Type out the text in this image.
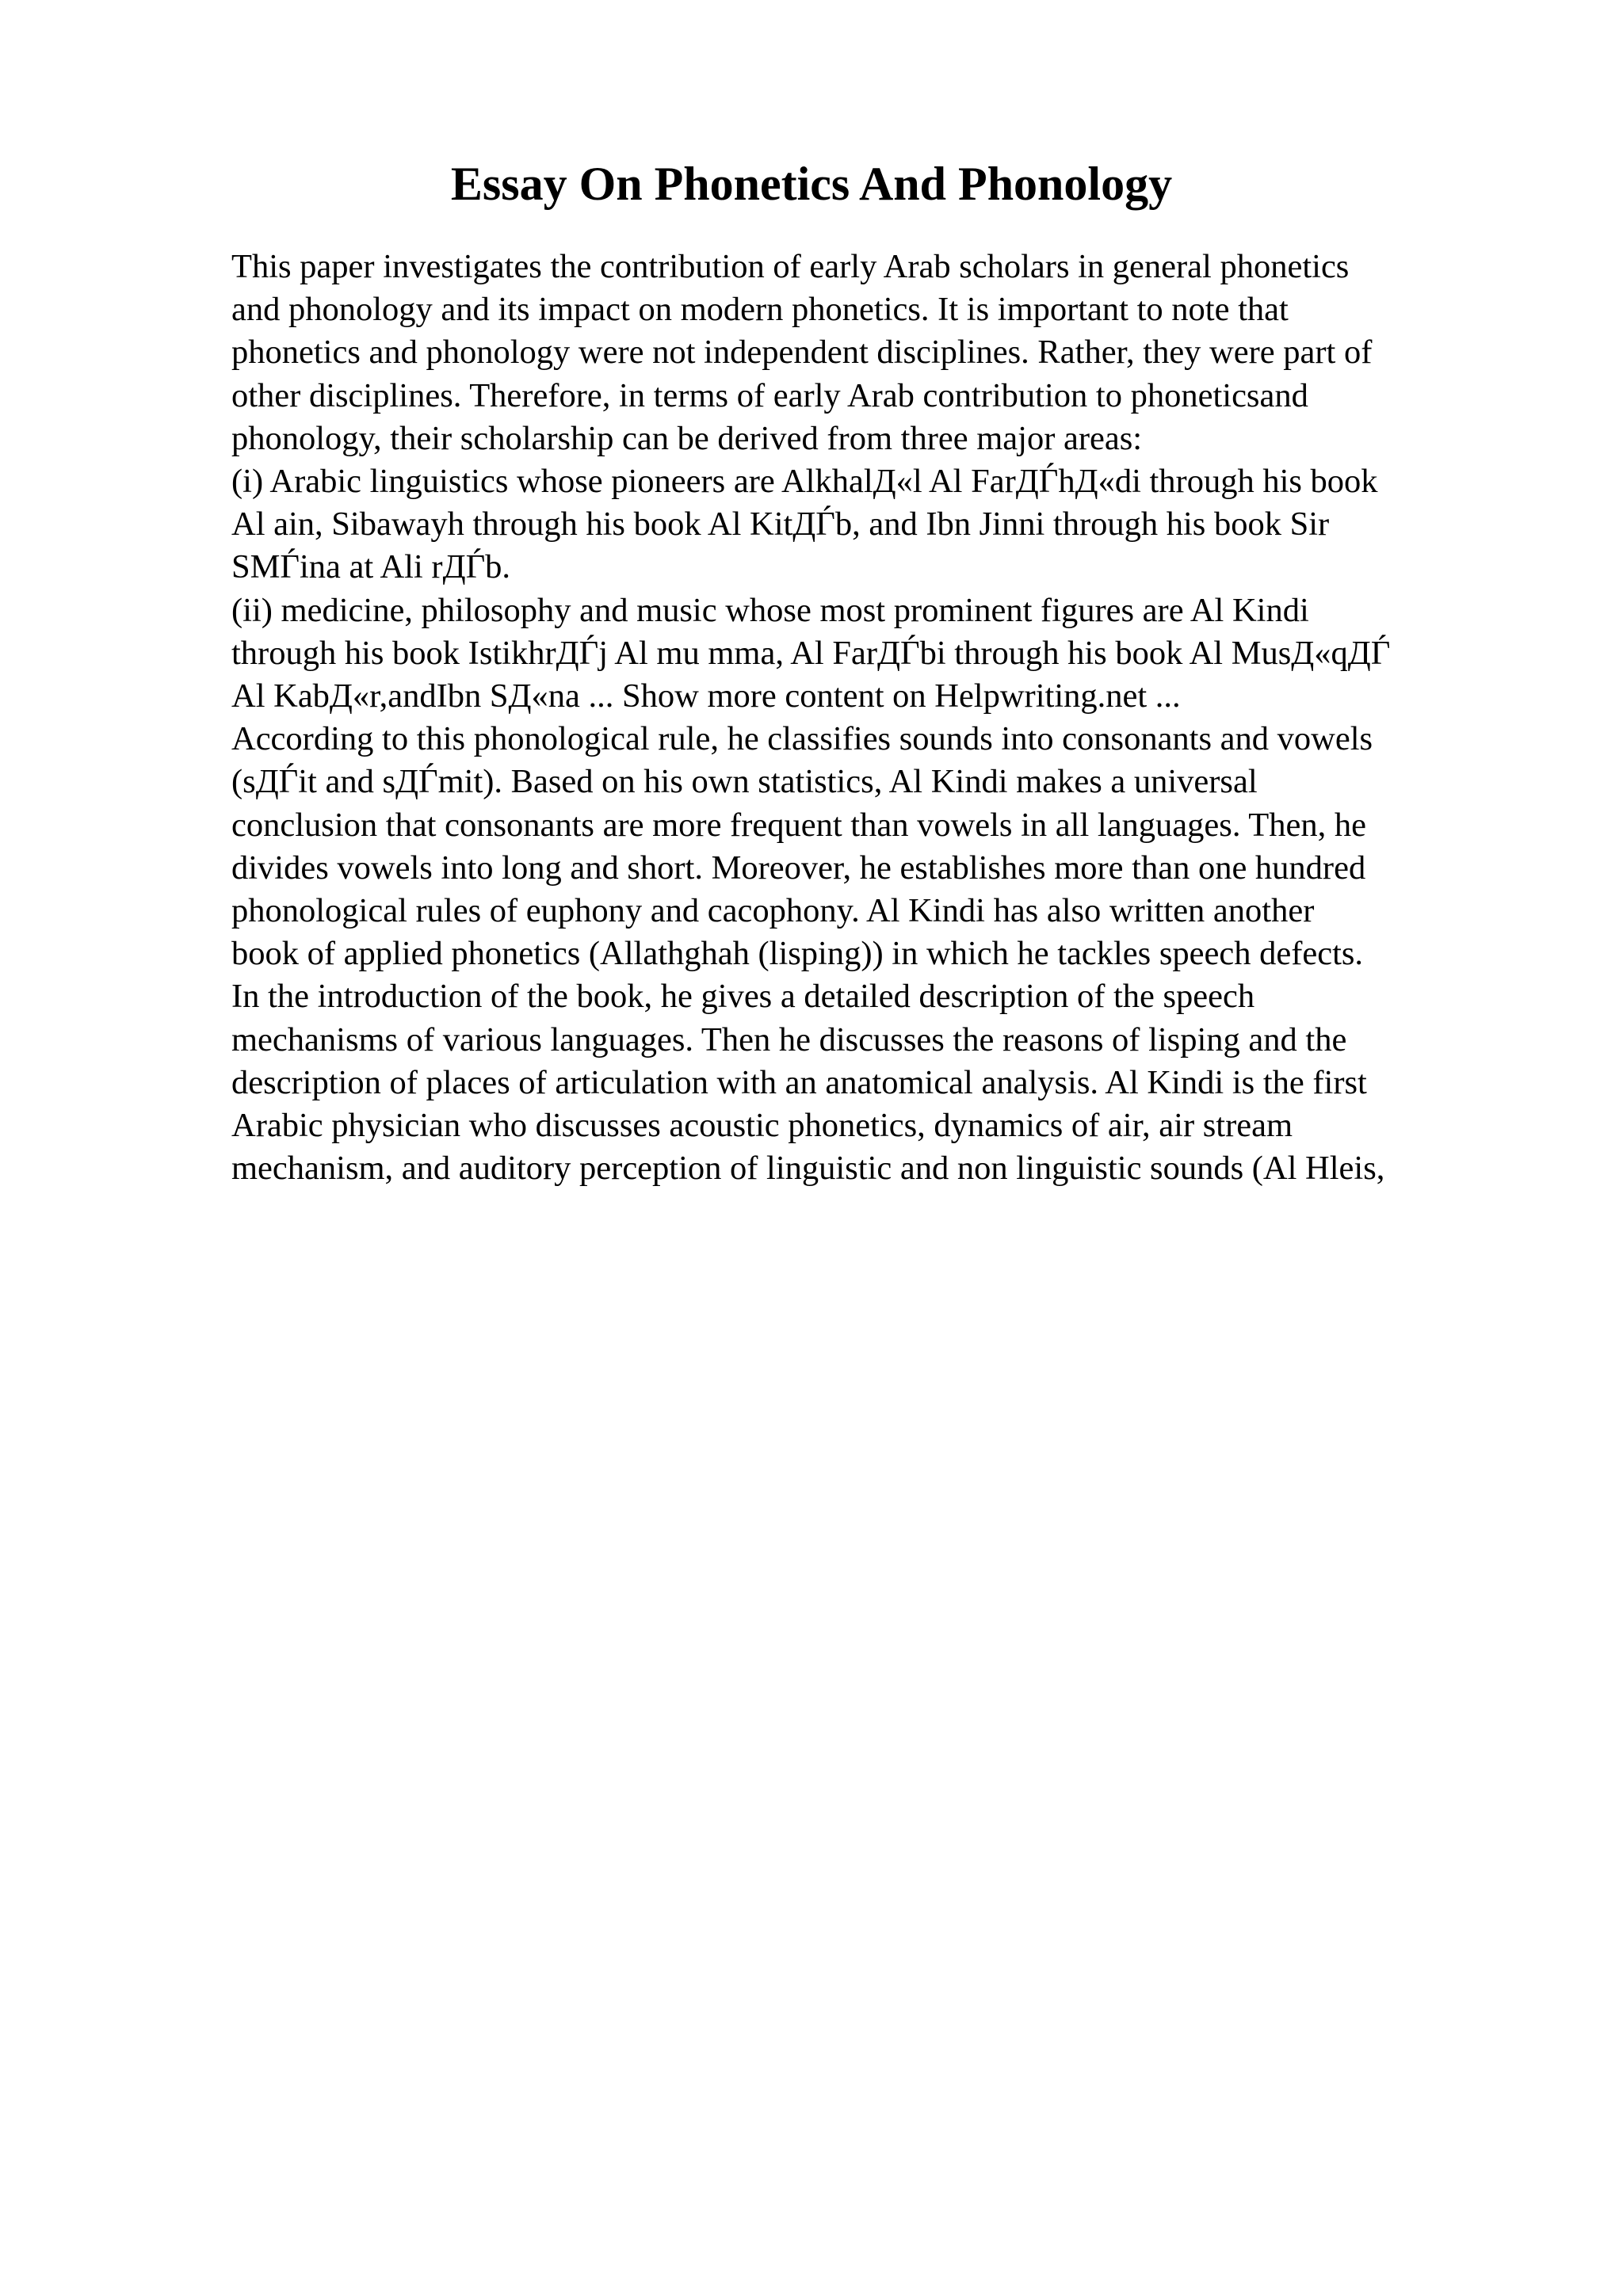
Essay On Phonetics And Phonology
This paper investigates the contribution of early Arab scholars in general phonetics
and phonology and its impact on modern phonetics. It is important to note that
phonetics and phonology were not independent disciplines. Rather, they were part of
other disciplines. Therefore, in terms of early Arab contribution to phoneticsand
phonology, their scholarship can be derived from three major areas:
(i) Arabic linguistics whose pioneers are AlkhalД«l Al FarДЃhД«di through his book
Al ain, Sibawayh through his book Al KitДЃb, and Ibn Jinni through his book Sir
SMЃina at Ali rДЃb.
(ii) medicine, philosophy and music whose most prominent figures are Al Kindi
through his book IstikhrДЃj Al mu mma, Al FarДЃbi through his book Al MusД«qДЃ
Al KabД«r,andIbn SД«na ... Show more content on Helpwriting.net ...
According to this phonological rule, he classifies sounds into consonants and vowels
(sДЃit and sДЃmit). Based on his own statistics, Al Kindi makes a universal
conclusion that consonants are more frequent than vowels in all languages. Then, he
divides vowels into long and short. Moreover, he establishes more than one hundred
phonological rules of euphony and cacophony. Al Kindi has also written another
book of applied phonetics (Allathghah (lisping)) in which he tackles speech defects.
In the introduction of the book, he gives a detailed description of the speech
mechanisms of various languages. Then he discusses the reasons of lisping and the
description of places of articulation with an anatomical analysis. Al Kindi is the first
Arabic physician who discusses acoustic phonetics, dynamics of air, air stream
mechanism, and auditory perception of linguistic and non linguistic sounds (Al Hleis,
